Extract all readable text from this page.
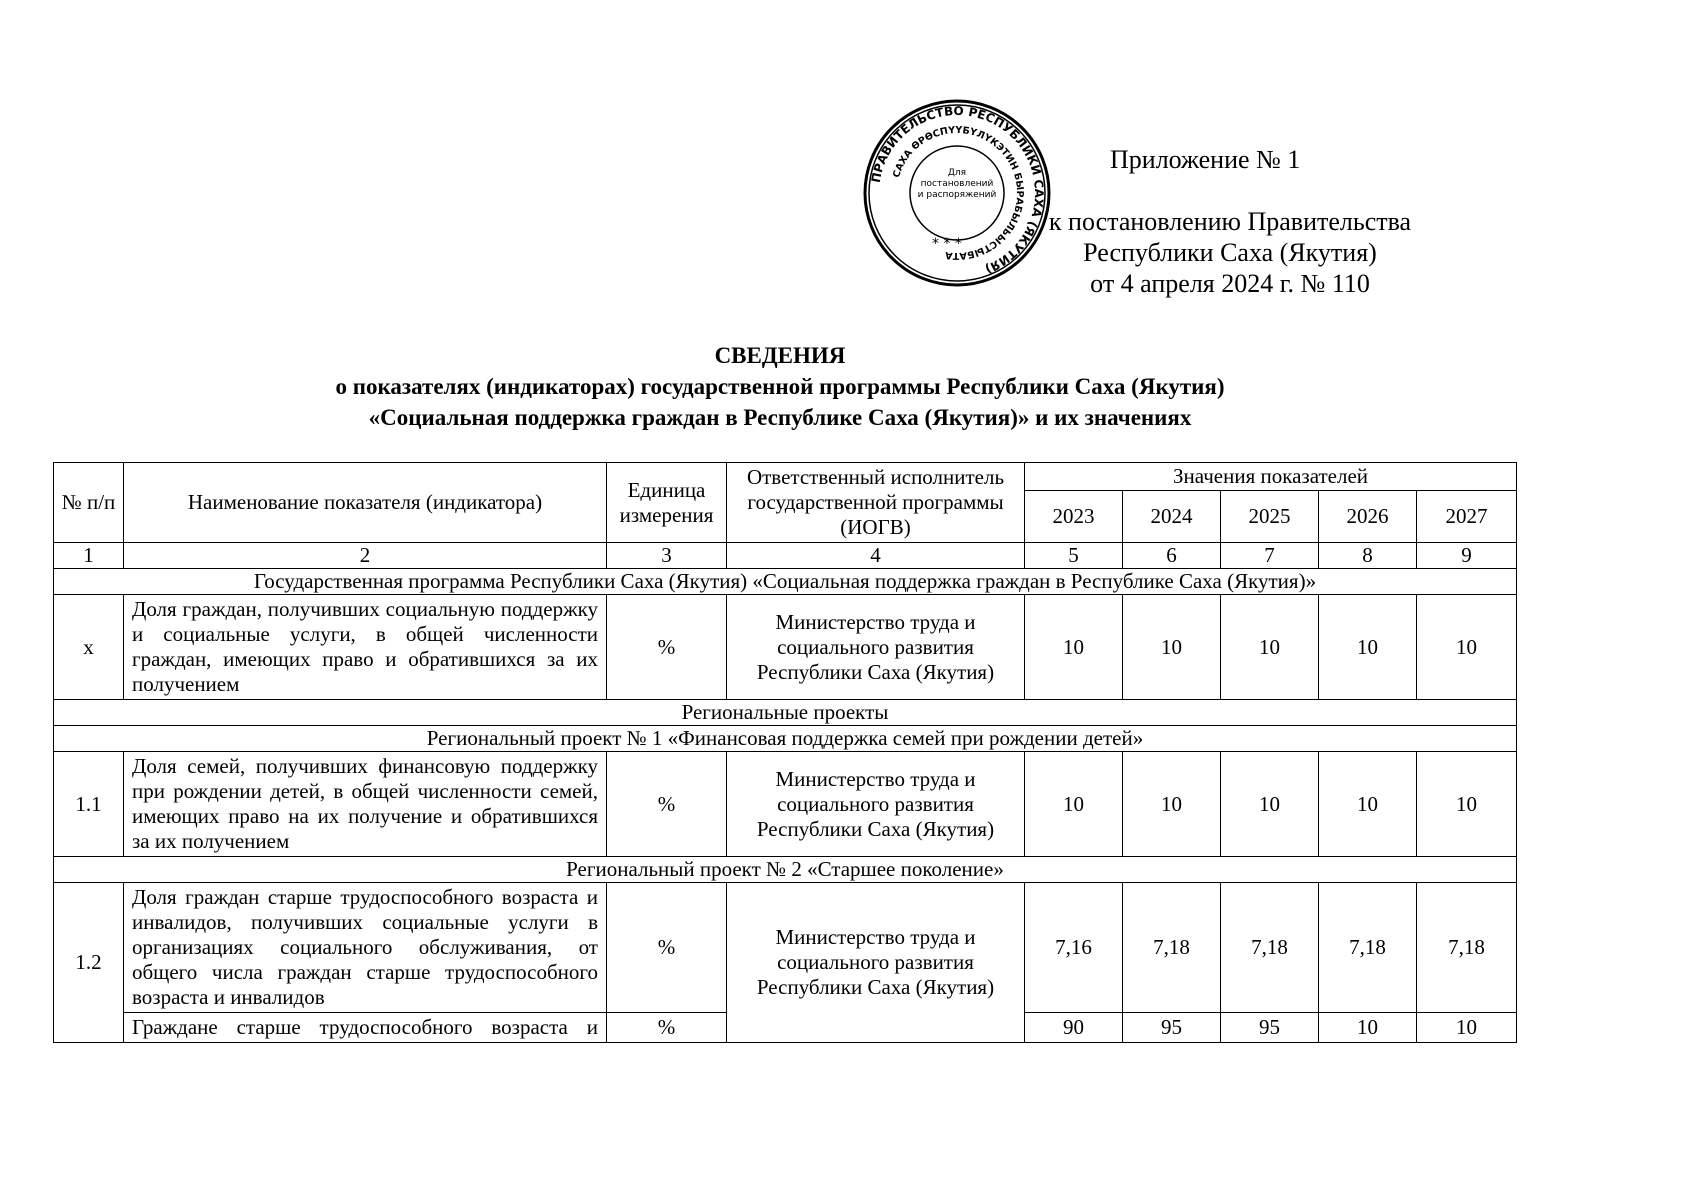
Приложение № 1
к постановлению Правительства
Республики Саха (Якутия)
от 4 апреля 2024 г. № 110
ПРАВИТЕЛЬСТВО РЕСПУБЛИКИ САХА (ЯКУТИЯ)
САХА ӨРӨСПҮҮБҮЛҮКЭТИН БЫРАБЫЛЬЫСТЫБАТА
Для постановлений и распоряжений
* * *
СВЕДЕНИЯ
о показателях (индикаторах) государственной программы Республики Саха (Якутия)
«Социальная поддержка граждан в Республике Саха (Якутия)» и их значениях
№ п/п	Наименование показателя (индикатора)	Единица измерения	Ответственный исполнитель государственной программы (ИОГВ)	Значения показателей				
				2023	2024	2025	2026	2027
1	2	3	4	5	6	7	8	9
Государственная программа Республики Саха (Якутия) «Социальная поддержка граждан в Республике Саха (Якутия)»								
х	Доля граждан, получивших социальную поддержку и социальные услуги, в общей численности граждан, имеющих право и обратившихся за их получением	%	Министерство труда и социального развития Республики Саха (Якутия)	10	10	10	10	10
Региональные проекты								
Региональный проект № 1 «Финансовая поддержка семей при рождении детей»								
1.1	Доля семей, получивших финансовую поддержку при рождении детей, в общей численности семей, имеющих право на их получение и обратившихся за их получением	%	Министерство труда и социального развития Республики Саха (Якутия)	10	10	10	10	10
Региональный проект № 2 «Старшее поколение»								
1.2	Доля граждан старше трудоспособного возраста и инвалидов, получивших социальные услуги в организациях социального обслуживания, от общего числа граждан старше трудоспособного возраста и инвалидов	%	Министерство труда и социального развития Республики Саха (Якутия)	7,16	7,18	7,18	7,18	7,18
	Граждане старше трудоспособного возраста и	%		90	95	95	10	10
